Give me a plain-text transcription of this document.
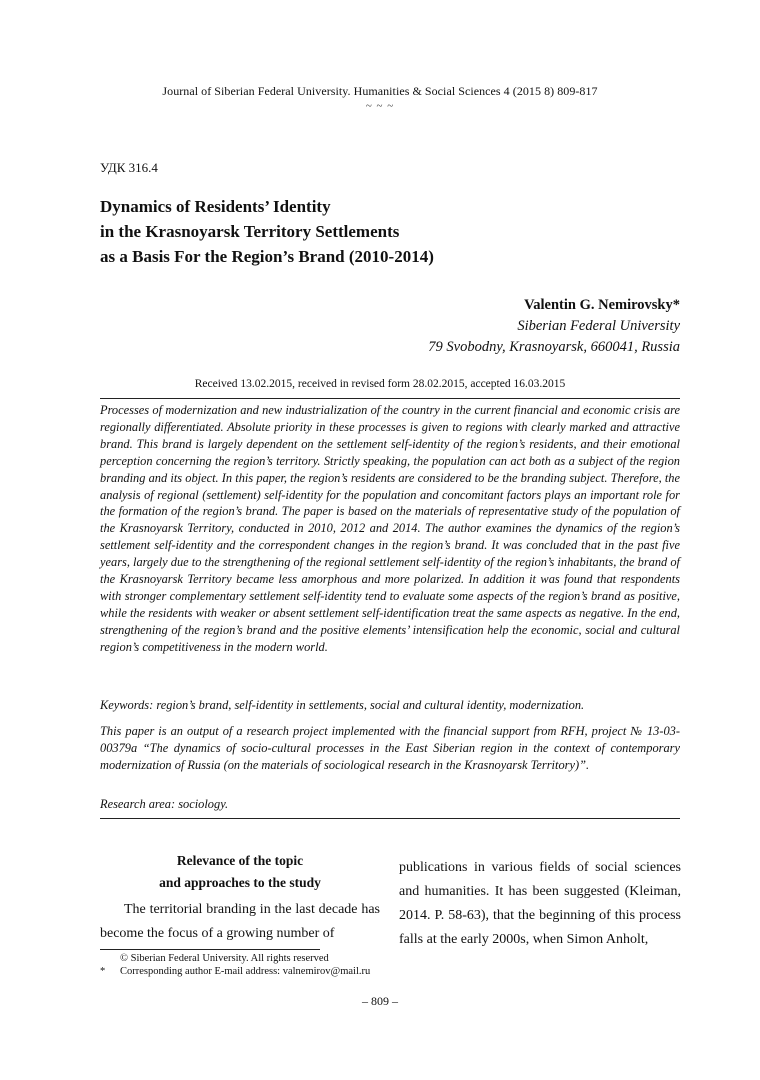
Journal of Siberian Federal University. Humanities & Social Sciences 4 (2015 8) 809-817
~ ~ ~
УДК 316.4
Dynamics of Residents’ Identity
in the Krasnoyarsk Territory Settlements
as a Basis For the Region’s Brand (2010-2014)
Valentin G. Nemirovsky*
Siberian Federal University
79 Svobodny, Krasnoyarsk, 660041, Russia
Received 13.02.2015, received in revised form 28.02.2015, accepted 16.03.2015

Processes of modernization and new industrialization of the country in the current financial and economic crisis are regionally differentiated. Absolute priority in these processes is given to regions with clearly marked and attractive brand. This brand is largely dependent on the settlement self-identity of the region’s residents, and their emotional perception concerning the region’s territory. Strictly speaking, the population can act both as a subject of the region branding and its object. In this paper, the region’s residents are considered to be the branding subject. Therefore, the analysis of regional (settlement) self-identity for the population and concomitant factors plays an important role for the formation of the region’s brand. The paper is based on the materials of representative study of the population of the Krasnoyarsk Territory, conducted in 2010, 2012 and 2014. The author examines the dynamics of the region’s settlement self-identity and the correspondent changes in the region’s brand. It was concluded that in the past five years, largely due to the strengthening of the regional settlement self-identity of the region’s inhabitants, the brand of the Krasnoyarsk Territory became less amorphous and more polarized. In addition it was found that respondents with stronger complementary settlement self-identity tend to evaluate some aspects of the region’s brand as positive, while the residents with weaker or absent settlement self-identification treat the same aspects as negative. In the end, strengthening of the region’s brand and the positive elements’ intensification help the economic, social and cultural region’s competitiveness in the modern world.

Keywords: region’s brand, self-identity in settlements, social and cultural identity, modernization.
This paper is an output of a research project implemented with the financial support from RFH, project № 13-03-00379а “The dynamics of socio-cultural processes in the East Siberian region in the context of contemporary modernization of Russia (on the materials of sociological research in the Krasnoyarsk Territory)”.
Research area: sociology.
Relevance of the topic
and approaches to the study

The territorial branding in the last decade has become the focus of a growing number of

publications in various fields of social sciences and humanities. It has been suggested (Kleiman, 2014. P. 58-63), that the beginning of this process falls at the early 2000s, when Simon Anholt,

© Siberian Federal University. All rights reserved
* Corresponding author E-mail address: valnemirov@mail.ru
– 809 –
